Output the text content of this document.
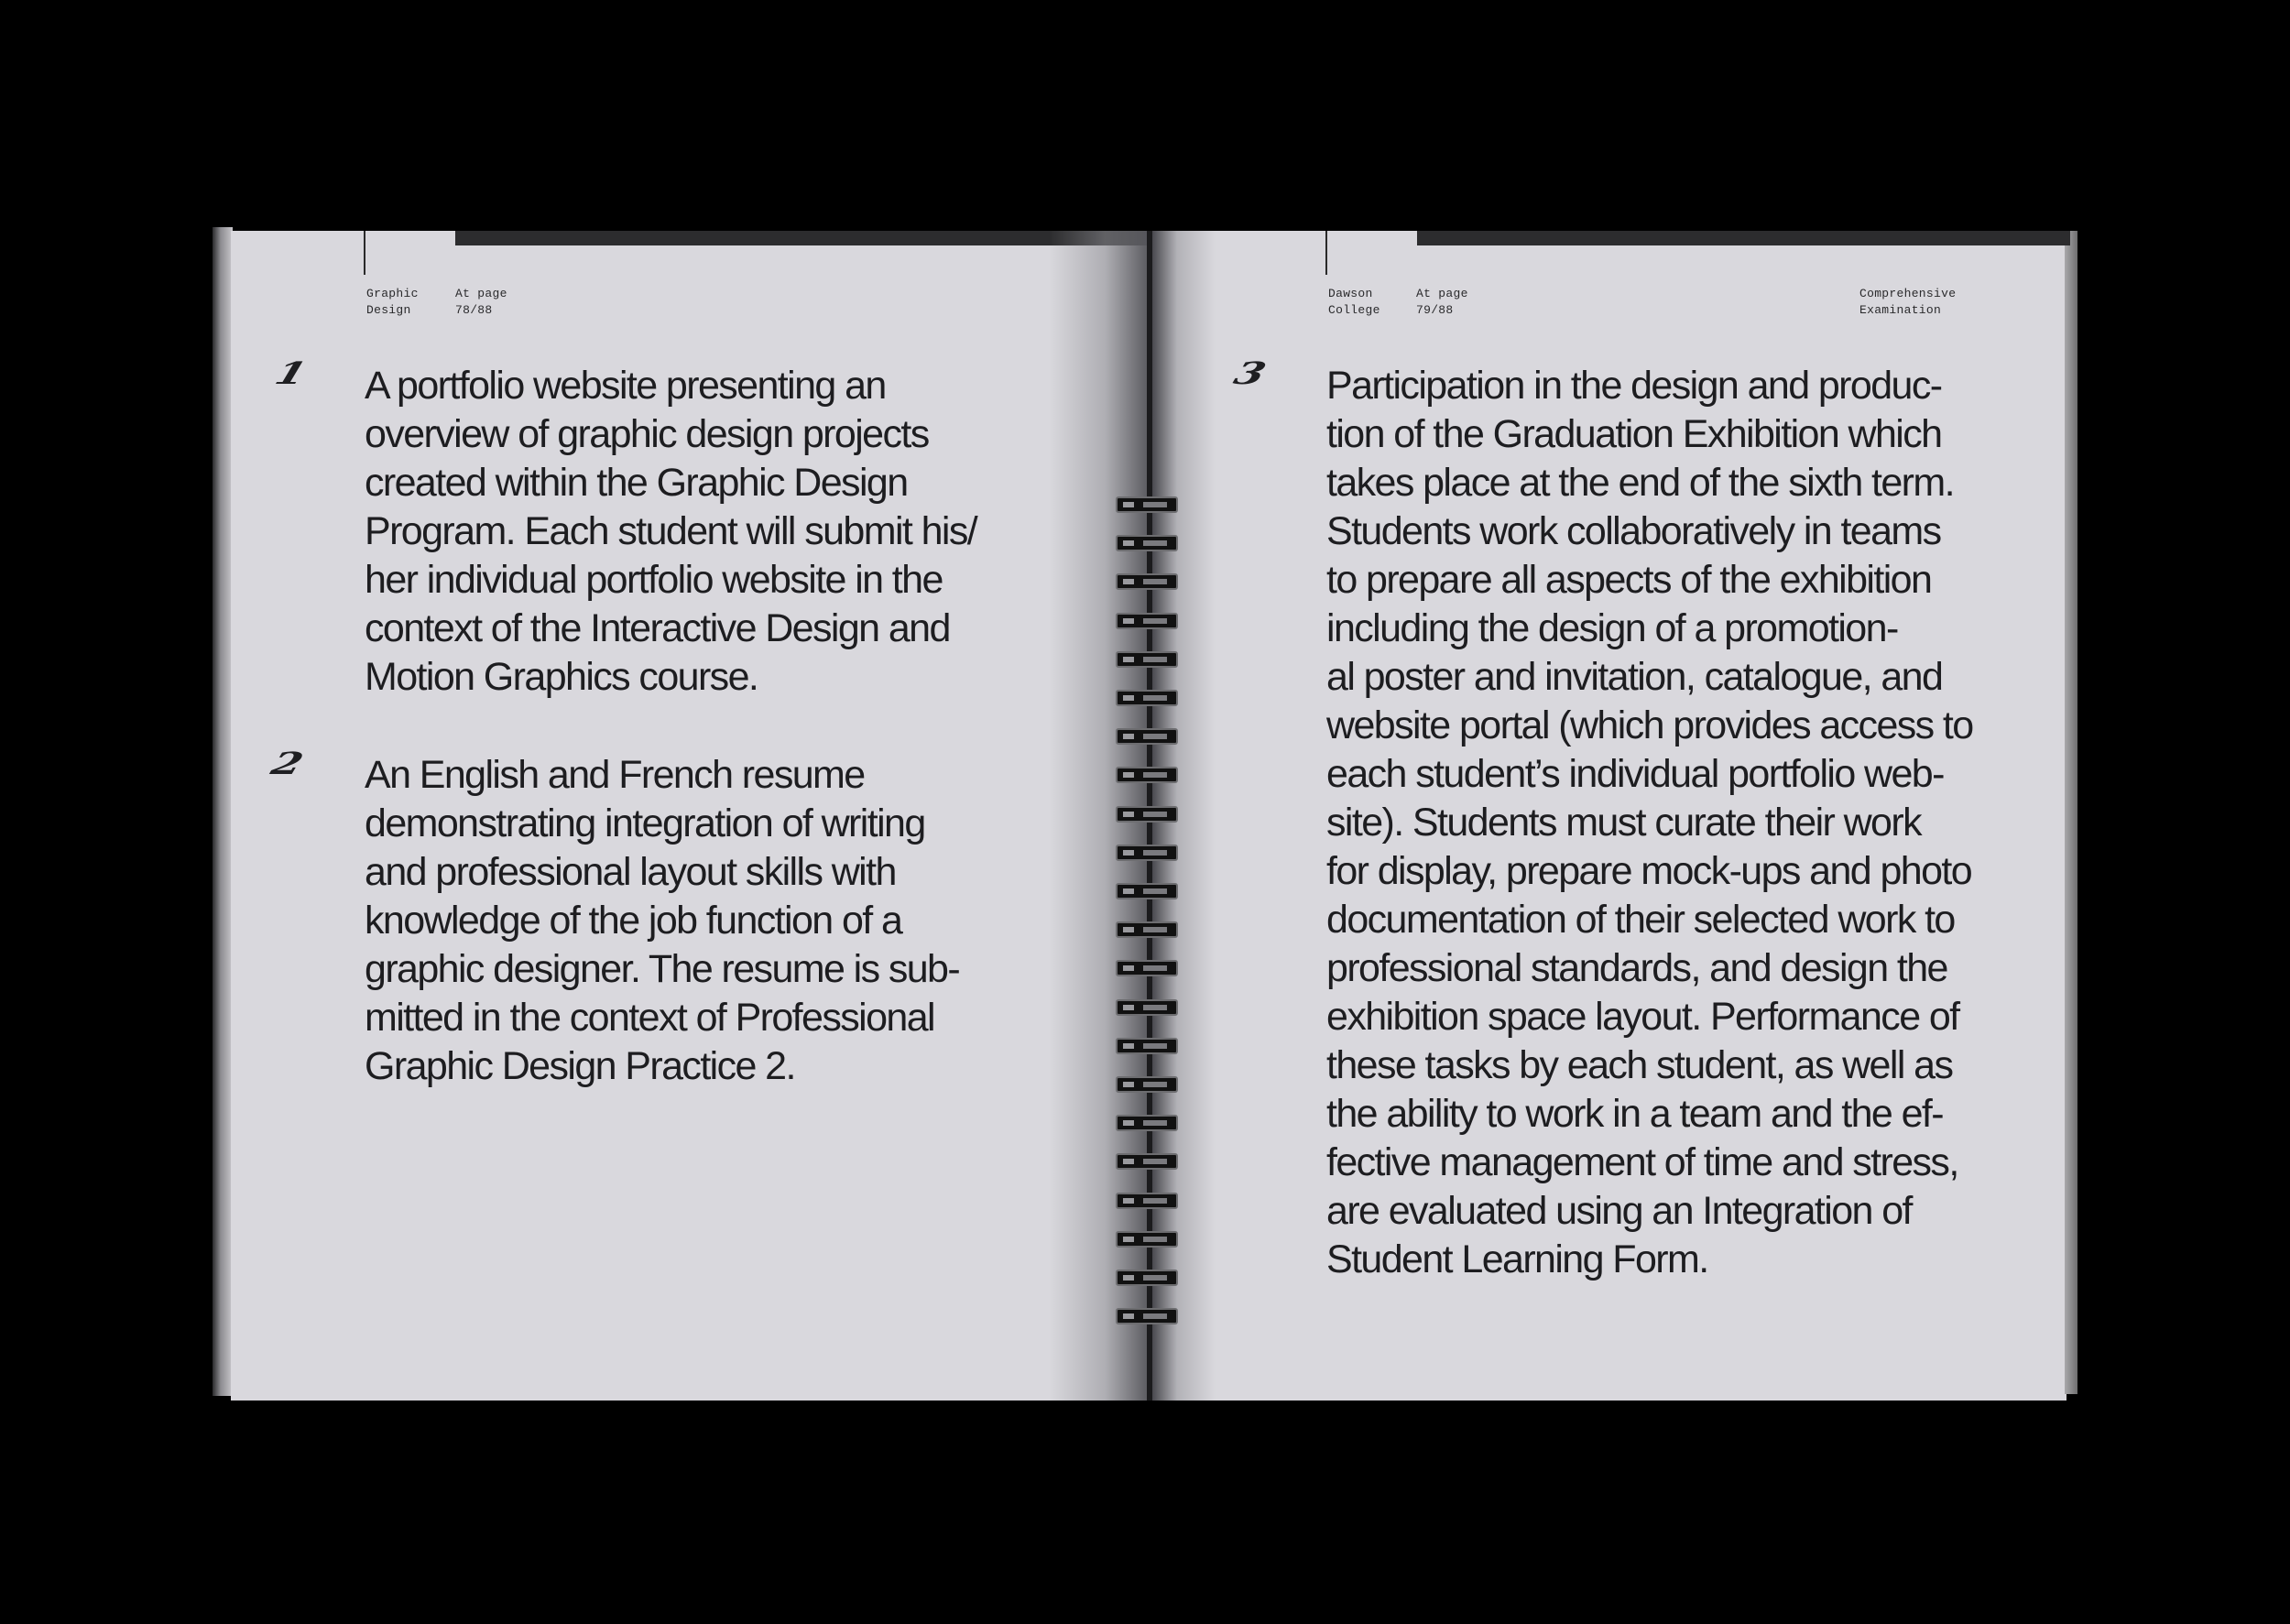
Graphic
Design
At page
78/88
1 A portfolio website presenting an
overview of graphic design projects
created within the Graphic Design
Program. Each student will submit his/
her individual portfolio website in the
context of the Interactive Design and
Motion Graphics course.
2 An English and French resume
demonstrating integration of writing
and professional layout skills with
knowledge of the job function of a
graphic designer. The resume is sub-
mitted in the context of Professional
Graphic Design Practice 2.
Dawson
College
At page
79/88
Comprehensive
Examination
3 Participation in the design and produc-
tion of the Graduation Exhibition which
takes place at the end of the sixth term.
Students work collaboratively in teams
to prepare all aspects of the exhibition
including the design of a promotion-
al poster and invitation, catalogue, and
website portal (which provides access to
each student’s individual portfolio web-
site). Students must curate their work
for display, prepare mock-ups and photo
documentation of their selected work to
professional standards, and design the
exhibition space layout. Performance of
these tasks by each student, as well as
the ability to work in a team and the ef-
fective management of time and stress,
are evaluated using an Integration of
Student Learning Form.
